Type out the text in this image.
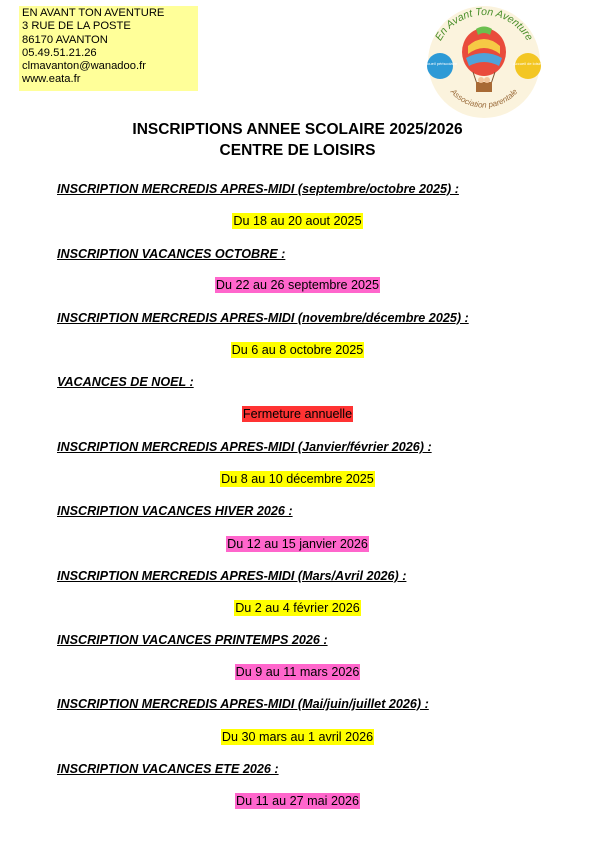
EN AVANT TON AVENTURE
3 RUE DE LA POSTE
86170 AVANTON
05.49.51.21.26
clmavanton@wanadoo.fr
www.eata.fr
En Avant Ton Aventure
Association parentale
Accueil périscolaire	Accueil de loisirs
INSCRIPTIONS ANNEE SCOLAIRE 2025/2026
CENTRE DE LOISIRS
INSCRIPTION MERCREDIS APRES-MIDI (septembre/octobre 2025) :
Du 18 au 20 aout 2025
INSCRIPTION VACANCES OCTOBRE :
Du 22 au 26 septembre 2025
INSCRIPTION MERCREDIS APRES-MIDI (novembre/décembre 2025) :
Du 6 au 8 octobre 2025
VACANCES DE NOEL :
Fermeture annuelle
INSCRIPTION MERCREDIS APRES-MIDI (Janvier/février 2026) :
Du 8 au 10 décembre 2025
INSCRIPTION VACANCES HIVER 2026 :
Du 12 au 15 janvier 2026
INSCRIPTION MERCREDIS APRES-MIDI (Mars/Avril 2026) :
Du 2 au 4 février 2026
INSCRIPTION VACANCES PRINTEMPS 2026 :
Du 9 au 11 mars 2026
INSCRIPTION MERCREDIS APRES-MIDI (Mai/juin/juillet 2026) :
Du 30 mars au 1 avril 2026
INSCRIPTION VACANCES ETE 2026 :
Du 11 au 27 mai 2026
